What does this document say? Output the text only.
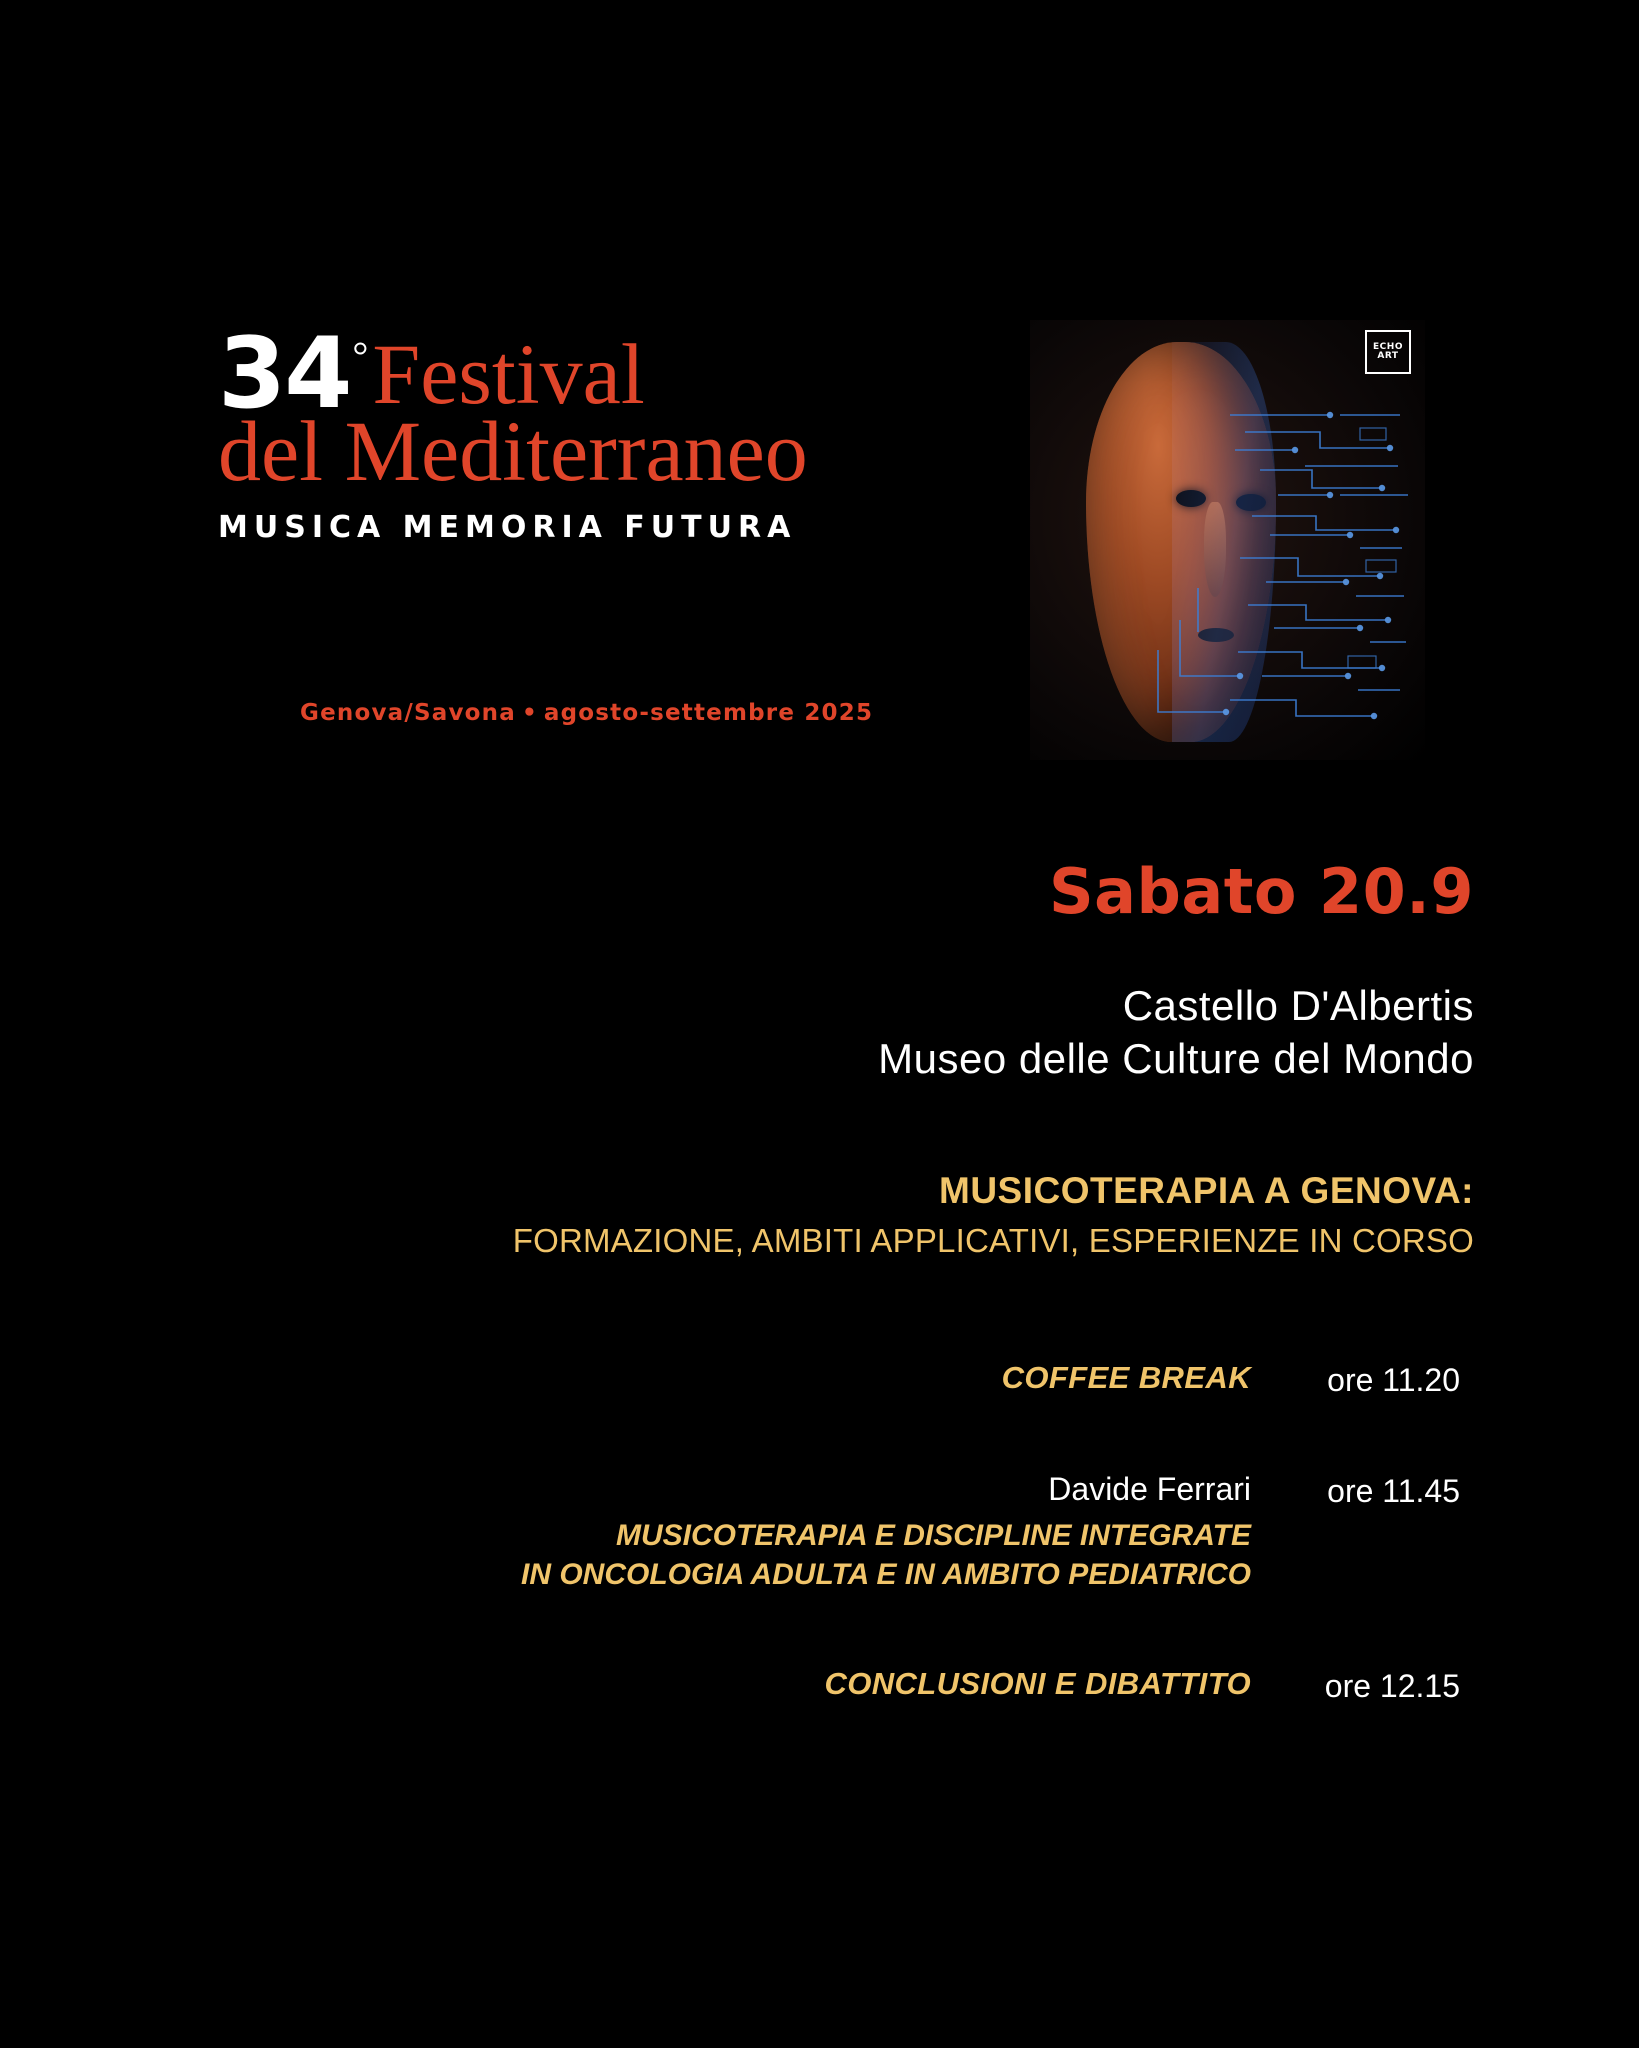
34 ° Festival
del Mediterraneo
MUSICA MEMORIA FUTURA
Genova/Savona • agosto-settembre 2025
ECHO
ART
Sabato 20.9
Castello D'Albertis
Museo delle Culture del Mondo
MUSICOTERAPIA A GENOVA:
FORMAZIONE, AMBITI APPLICATIVI, ESPERIENZE IN CORSO
COFFEE BREAK	ore 11.20
Davide Ferrari
MUSICOTERAPIA E DISCIPLINE INTEGRATE
IN ONCOLOGIA ADULTA E IN AMBITO PEDIATRICO
ore 11.45
CONCLUSIONI E DIBATTITO	ore 12.15
